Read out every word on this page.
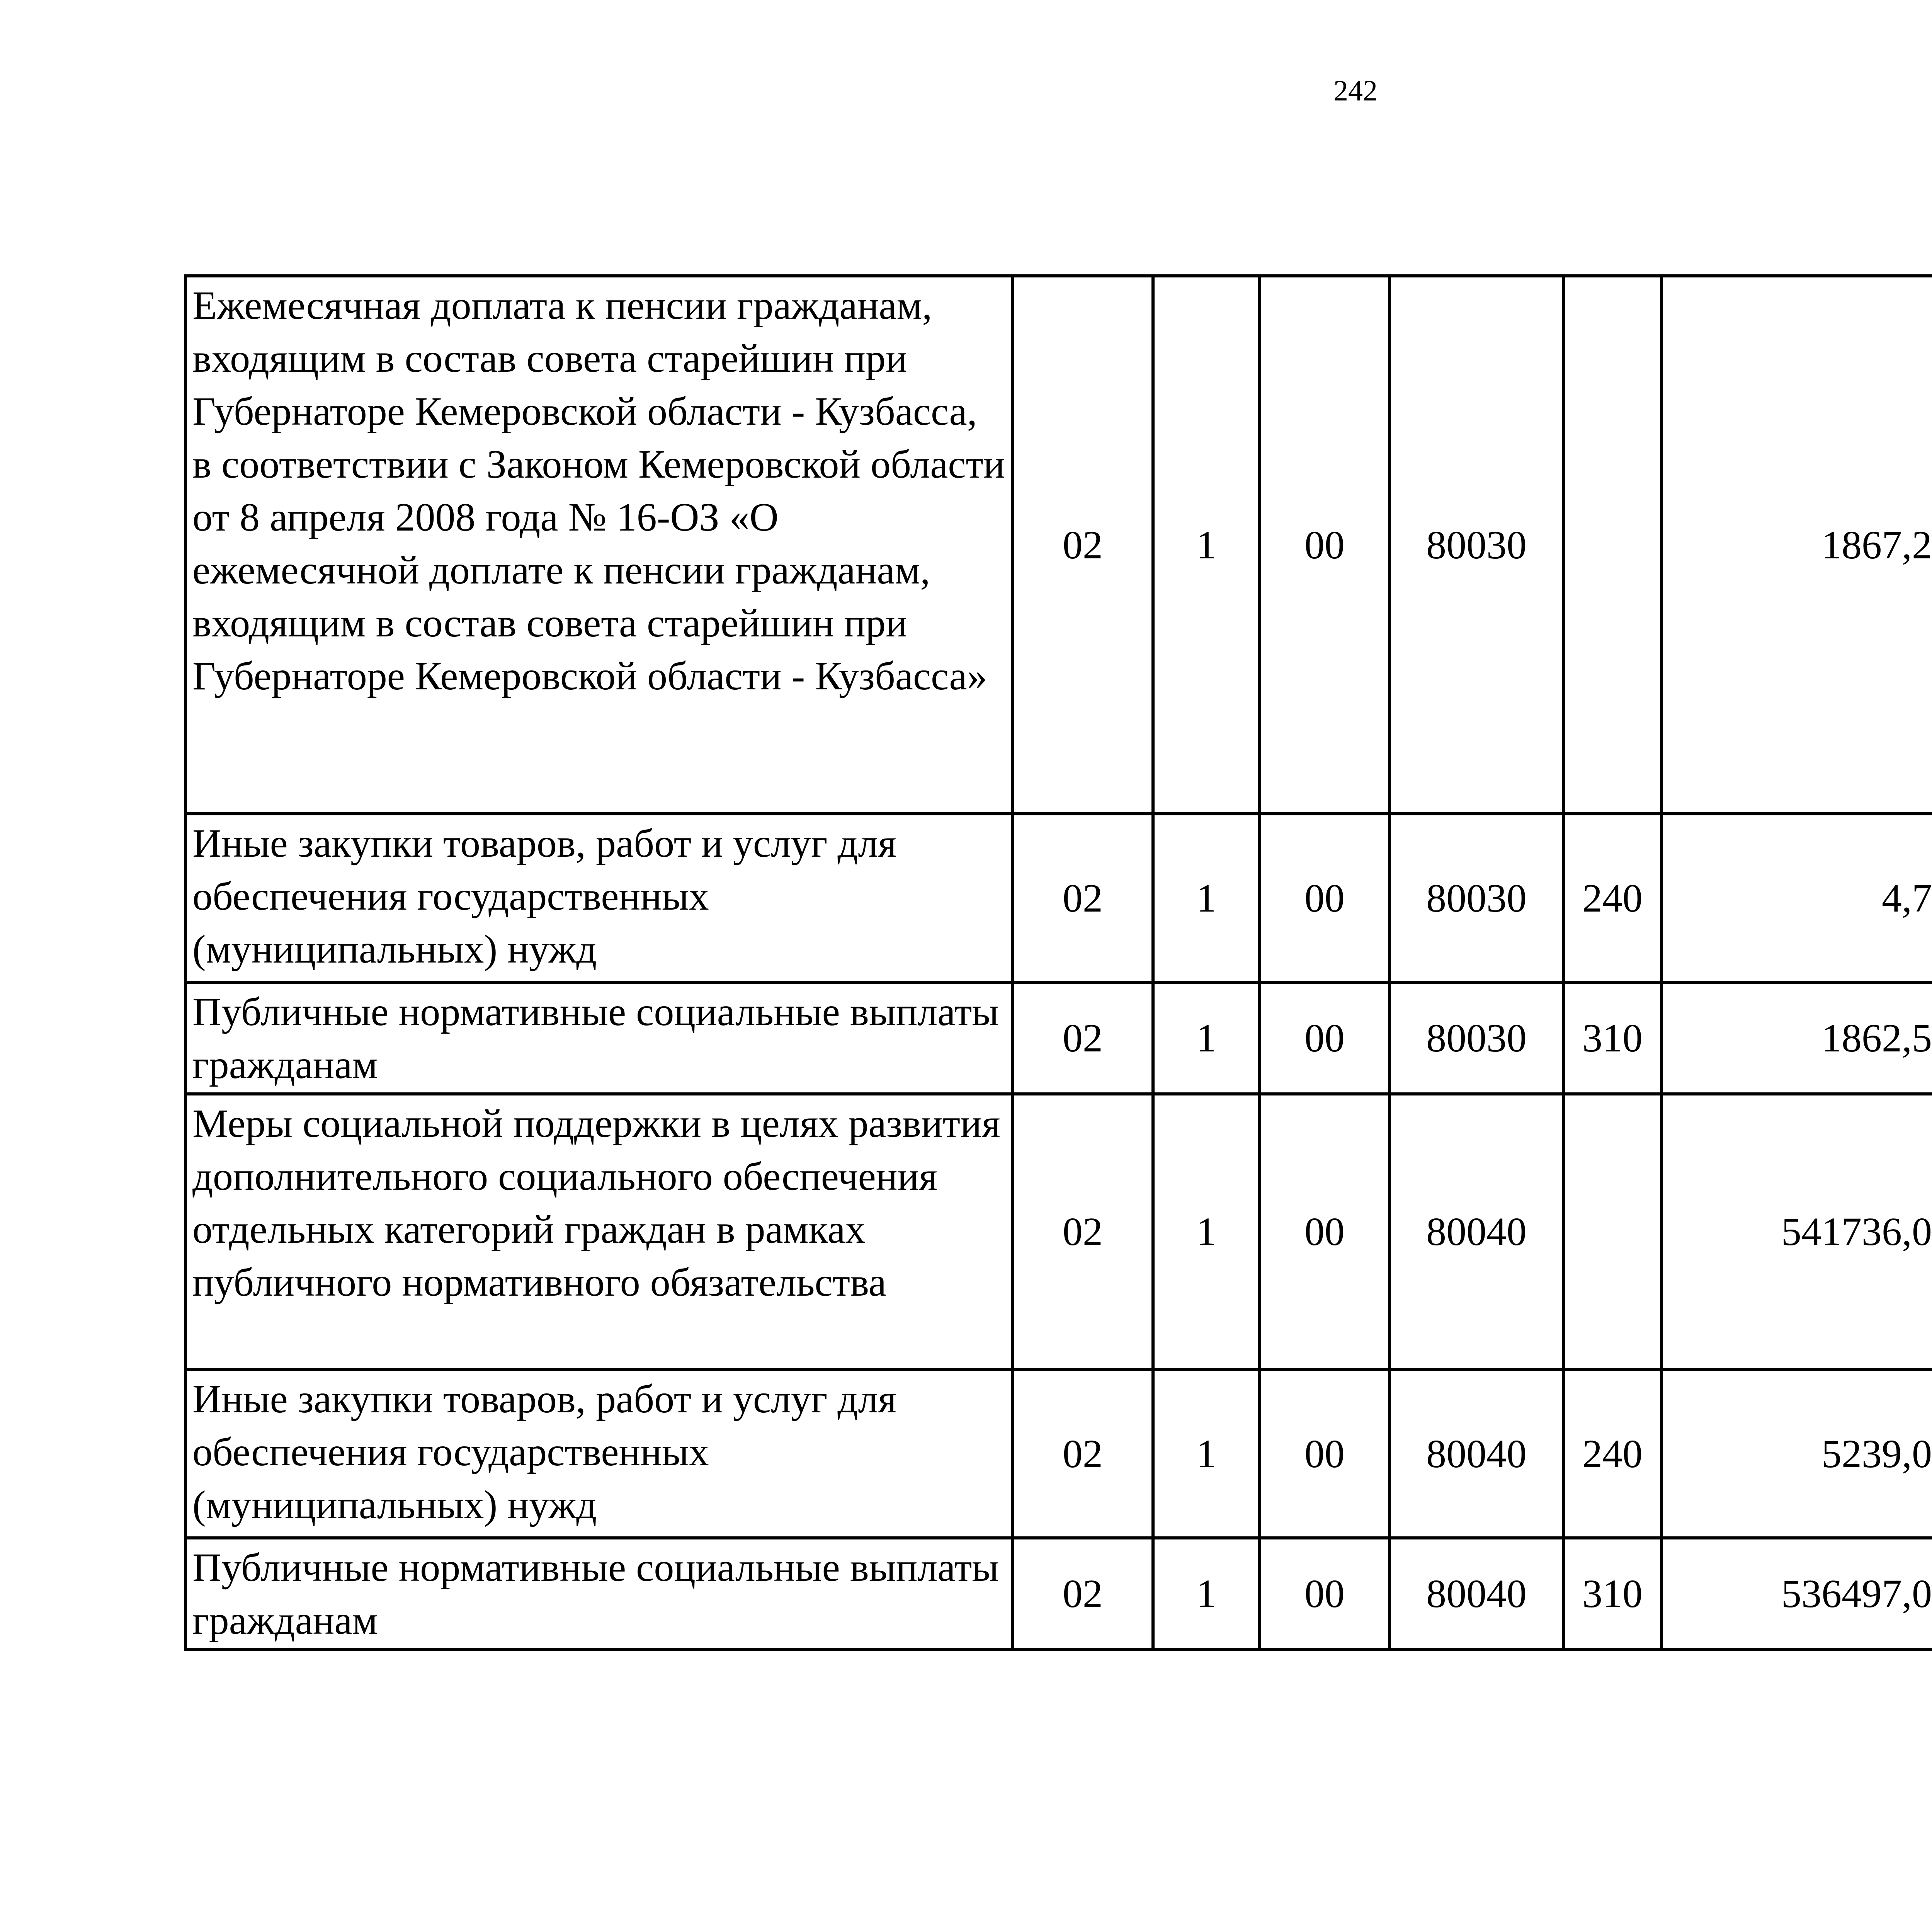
242
Ежемесячная доплата к пенсии гражданам, входящим в состав совета старейшин при Губернаторе Кемеровской области - Кузбасса, в соответствии с Законом Кемеровской области от 8 апреля 2008 года № 16-ОЗ «О ежемесячной доплате к пенсии гражданам, входящим в состав совета старейшин при Губернаторе Кемеровской области - Кузбасса»	02	1	00	80030		1867,2		
Иные закупки товаров, работ и услуг для обеспечения государственных (муниципальных) нужд	02	1	00	80030	240	4,7		
Публичные нормативные социальные выплаты гражданам	02	1	00	80030	310	1862,5		
Меры социальной поддержки в целях развития дополнительного социального обеспечения отдельных категорий граждан в рамках публичного нормативного обязательства	02	1	00	80040		541736,0		
Иные закупки товаров, работ и услуг для обеспечения государственных (муниципальных) нужд	02	1	00	80040	240	5239,0		
Публичные нормативные социальные выплаты гражданам	02	1	00	80040	310	536497,0		
